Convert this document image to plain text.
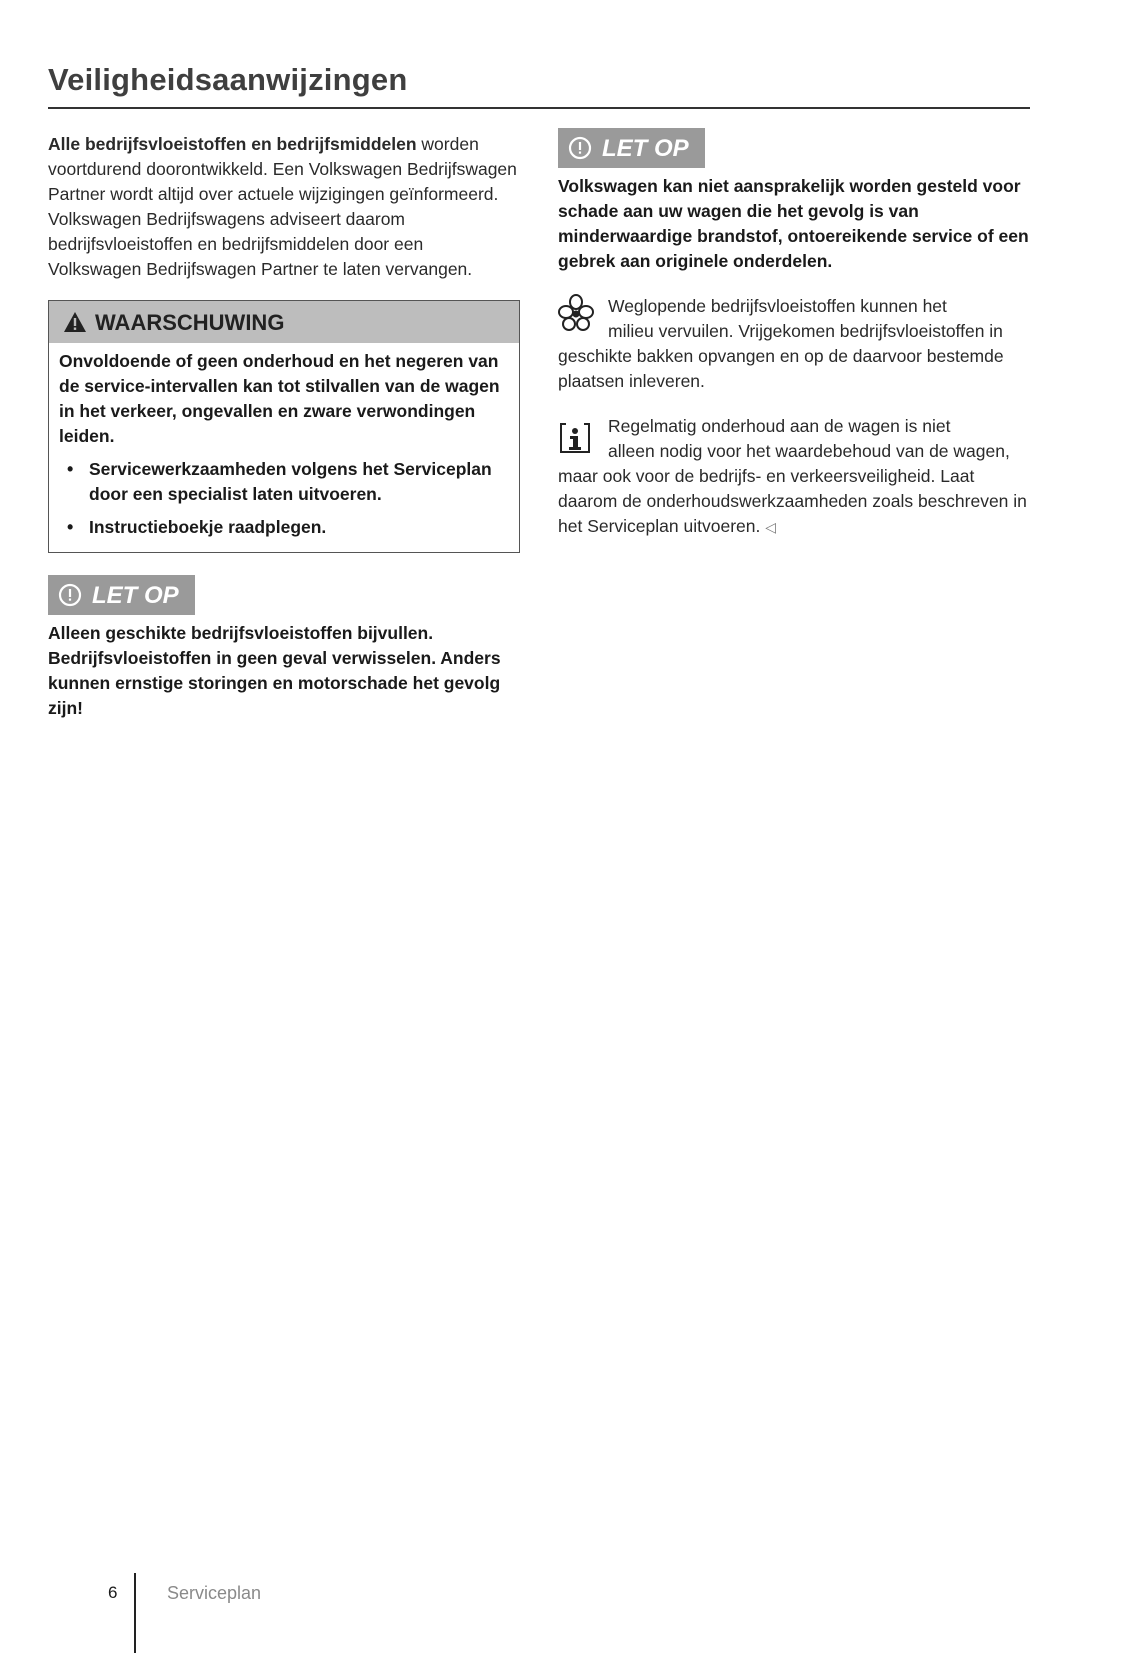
Veiligheidsaanwijzingen

Alle bedrijfsvloeistoffen en bedrijfsmiddelen worden voortdurend doorontwikkeld. Een Volkswagen Bedrijfswagen Partner wordt altijd over actuele wijzigingen geïnformeerd. Volkswagen Bedrijfswagens adviseert daarom bedrijfsvloeistoffen en bedrijfsmiddelen door een Volkswagen Bedrijfswagen Partner te laten vervangen.

WAARSCHUWING

Onvoldoende of geen onderhoud en het negeren van de service-intervallen kan tot stilvallen van de wagen in het verkeer, ongevallen en zware verwondingen leiden.

• Servicewerkzaamheden volgens het Serviceplan door een specialist laten uitvoeren.
• Instructieboekje raadplegen.
LET OP

Alleen geschikte bedrijfsvloeistoffen bijvullen. Bedrijfsvloeistoffen in geen geval verwisselen. Anders kunnen ernstige storingen en motorschade het gevolg zijn!

LET OP

Volkswagen kan niet aansprakelijk worden gesteld voor schade aan uw wagen die het gevolg is van minderwaardige brandstof, ontoereikende service of een gebrek aan originele onderdelen.

Weglopende bedrijfsvloeistoffen kunnen het
milieu vervuilen. Vrijgekomen bedrijfsvloeistoffen in geschikte bakken opvangen en op de daarvoor bestemde plaatsen inleveren.
Regelmatig onderhoud aan de wagen is niet
alleen nodig voor het waardebehoud van de wagen, maar ook voor de bedrijfs- en verkeersveiligheid. Laat daarom de onderhoudswerkzaamheden zoals beschreven in het Serviceplan uitvoeren. ◁
6	Serviceplan
